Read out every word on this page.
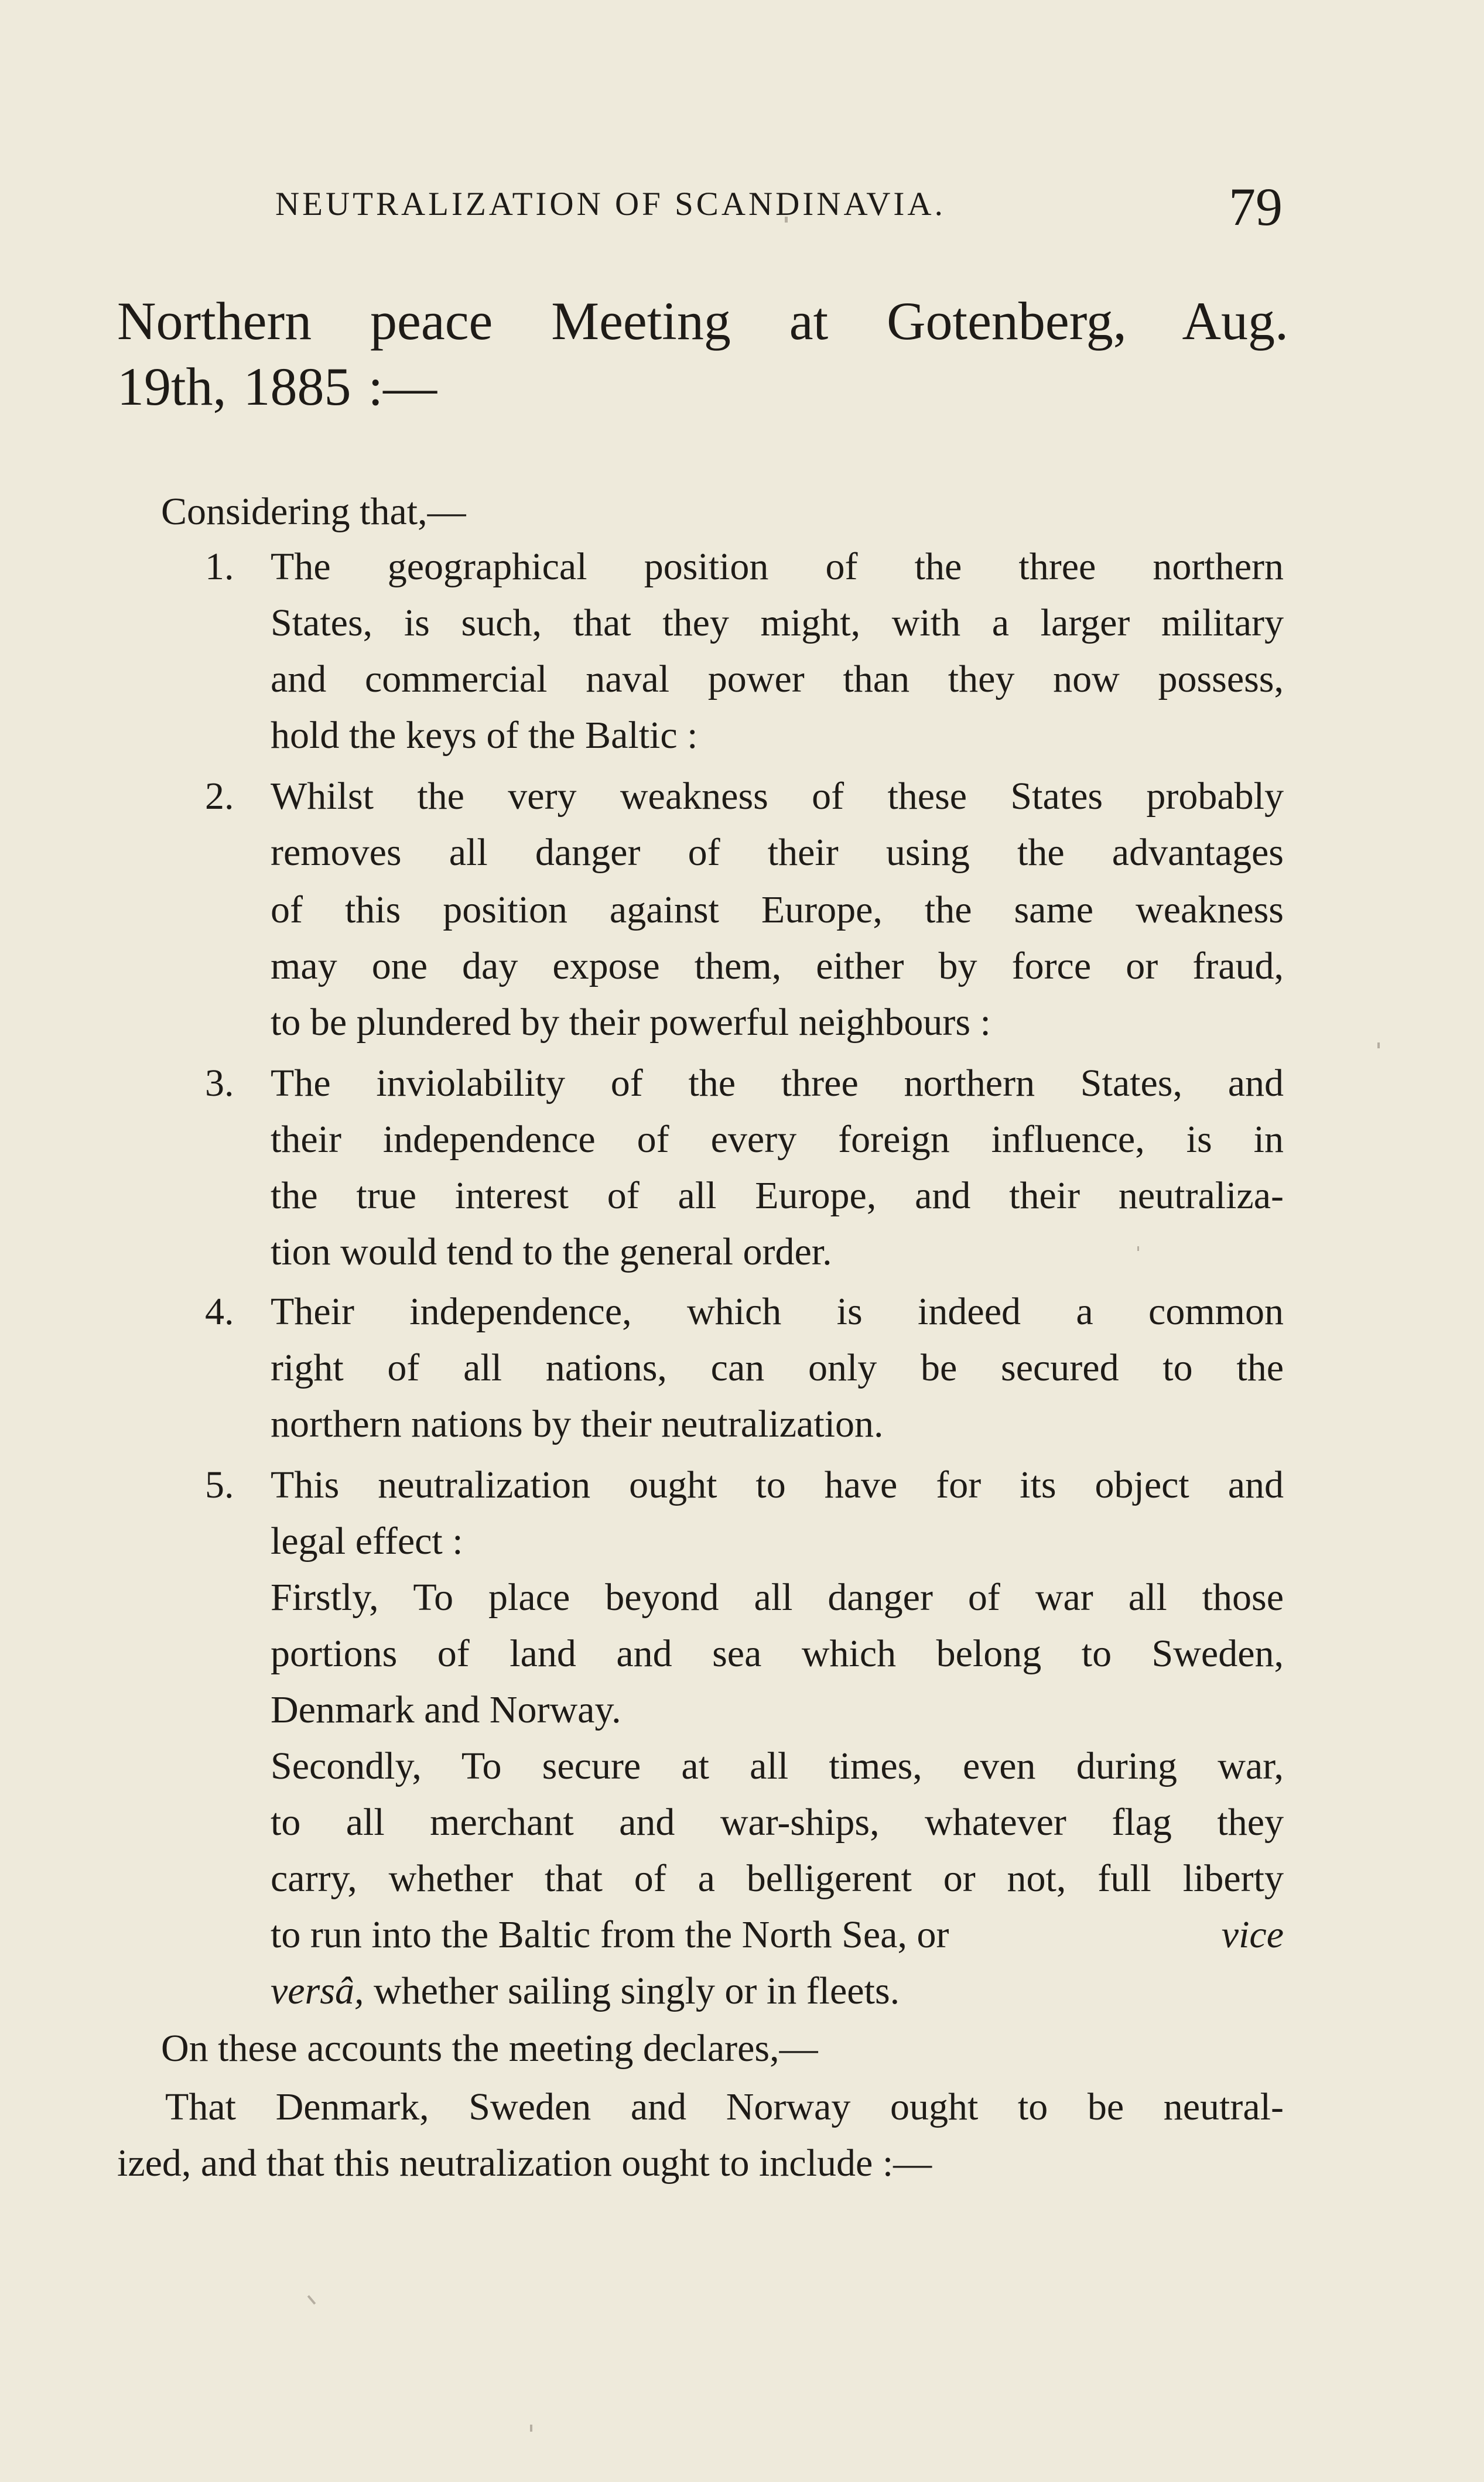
NEUTRALIZATION OF SCANDINAVIA.	79
Northern peace Meeting at Gotenberg, Aug.
19th, 1885 :—
Considering that,—
1. The geographical position of the three northern
States, is such, that they might, with a larger military
and commercial naval power than they now possess,
hold the keys of the Baltic :
2. Whilst the very weakness of these States probably
removes all danger of their using the advantages
of this position against Europe, the same weakness
may one day expose them, either by force or fraud,
to be plundered by their powerful neighbours :
3. The inviolability of the three northern States, and
their independence of every foreign influence, is in
the true interest of all Europe, and their neutraliza-
tion would tend to the general order.
4. Their independence, which is indeed a common
right of all nations, can only be secured to the
northern nations by their neutralization.
5. This neutralization ought to have for its object and
legal effect :
Firstly, To place beyond all danger of war all those
portions of land and sea which belong to Sweden,
Denmark and Norway.
Secondly, To secure at all times, even during war,
to all merchant and war-ships, whatever flag they
carry, whether that of a belligerent or not, full liberty
to run into the Baltic from the North Sea, or	vice
versâ, whether sailing singly or in fleets.
On these accounts the meeting declares,—
That Denmark, Sweden and Norway ought to be neutral-
ized, and that this neutralization ought to include :—
